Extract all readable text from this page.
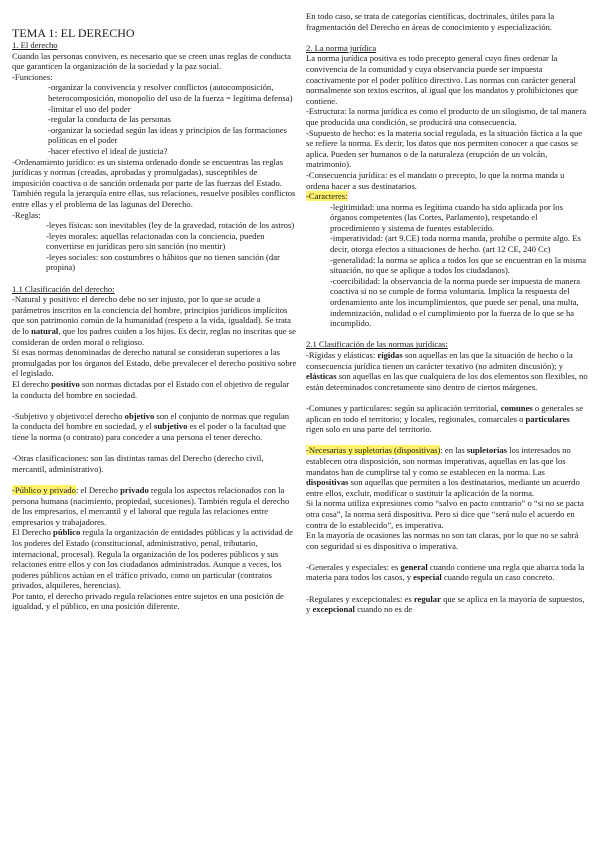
TEMA 1: EL DERECHO

1. El derecho

Cuando las personas conviven, es necesario que se creen unas reglas de conducta que garanticen la organización de la sociedad y la paz social.

-Funciones:

-organizar la convivencia y resolver conflictos (autocomposición, heterocomposición, monopolio del uso de la fuerza = legítima defensa)

-limitar el uso del poder

-regular la conducta de las personas

-organizar la sociedad según las ideas y principios de las formaciones políticas en el poder

-hacer efectivo el ideal de justicia?

-Ordenamiento jurídico: es un sistema ordenado donde se encuentras las reglas jurídicas y normas (creadas, aprobadas y promulgadas), susceptibles de imposición coactiva o de sanción ordenada por parte de las fuerzas del Estado. También regula la jerarquía entre ellas, sus relaciones, resuelve posibles conflictos entre ellas y el problema de las lagunas del Derecho.

-Reglas:

-leyes físicas: son inevitables (ley de la gravedad, rotación de los astros)

-leyes morales: aquellas relacionadas con la conciencia, pueden convertirse en jurídicas pero sin sanción (no mentir)

-leyes sociales: son costumbres o hábitos que no tienen sanción (dar propina)

1.1 Clasificación del derecho:

-Natural y positivo: el derecho debe no ser injusto, por lo que se acude a parámetros inscritos en la conciencia del hombre, principios jurídicos implícitos que son patrimonio común de la humanidad (respeto a la vida, igualdad). Se trata de lo natural, que los padres cuiden a los hijos. Es decir, reglas no inscritas que se consideran de orden moral o religioso.

Si esas normas denominadas de derecho natural se consideran superiores a las promulgadas por los órganos del Estado, debe prevalecer el derecho positivo sobre el legislado.

El derecho positivo son normas dictadas por el Estado con el objetivo de regular la conducta del hombre en sociedad.

-Subjetivo y objetivo:el derecho objetivo son el conjunto de normas que regulan la conducta del hombre en sociedad, y el subjetivo es el poder o la facultad que tiene la norma (o contrato) para conceder a una persona el tener derecho.

-Otras clasificaciones: son las distintas ramas del Derecho (derecho civil, mercantil, administrativo).

-Público y privado: el Derecho privado regula los aspectos relacionados con la persona humana (nacimiento, propiedad, sucesiones). También regula el derecho de los empresarios, el mercantil y el laboral que regula las relaciones entre empresarios y trabajadores.

El Derecho público regula la organización de entidades públicas y la actividad de los poderes del Estado (constitucional, administrativo, penal, tributario, internacional, procesal). Regula la organización de los poderes públicos y sus relaciones entre ellos y con los ciudadanos administrados. Aunque a veces, los poderes públicos actúan en el tráfico privado, como un particular (contratos privados, alquileres, herencias).

Por tanto, el derecho privado regula relaciones entre sujetos en una posición de igualdad, y el público, en una posición diferente.

En todo caso, se trata de categorías científicas, doctrinales, útiles para la fragmentación del Derecho en áreas de conocimiento y especialización.

2. La norma jurídica

La norma jurídica positiva es todo precepto general cuyo fines ordenar la convivencia de la comunidad y cuya observancia puede ser impuesta coactivamente por el poder político directivo. Las normas con carácter general normalmente son textos escritos, al igual que los mandatos y prohibiciones que contiene.

-Estructura: la norma jurídica es como el producto de un silogismo, de tal manera que producida una condición, se producirá una consecuencia.

-Supuesto de hecho: es la materia social regulada, es la situación fáctica a la que se refiere la norma. Es decir, los datos que nos permiten conocer a que casos se aplica. Pueden ser humanos o de la naturaleza (erupción de un volcán, matrimonio).

-Consecuencia jurídica: es el mandato o precepto, lo que la norma manda u ordena hacer a sus destinatarios.

-Caracteres:

-legitimidad: una norma es legítima cuando ha sido aplicada por los órganos competentes (las Cortes, Parlamento), respetando el procedimiento y sistema de fuentes establecido.

-imperatividad: (art 9.CE) toda norma manda, prohíbe o permite algo. Es decir, otorga efectos a situaciones de hecho. (art 12 CE, 240 Cc)

-generalidad: la norma se aplica a todos los que se encuentran en la misma situación, no que se aplique a todos los ciudadanos).

-coercibilidad: la observancia de la norma puede ser impuesta de manera coactiva si no se cumple de forma voluntaria. Implica la respuesta del ordenamiento ante los incumplimientos, que puede ser penal, una multa, indemnización, nulidad o el cumplimiento por la fuerza de lo que se ha incumplido.

2.1 Clasificación de las normas jurídicas:

-Rígidas y elásticas: rígidas son aquellas en las que la situación de hecho o la consecuencia jurídica tienen un carácter texativo (no admiten discusión); y elásticas son aquellas en las que cualquiera de los dos elementos son flexibles, no están determinados concretamente sino dentro de ciertos márgenes.

-Comunes y particulares: según su aplicación territorial, comunes o generales se aplican en todo el territorio; y locales, regionales, comarcales o particulares rigen solo en una parte del territorio.

-Necesarias y supletorias (dispositivas): en las supletorias los interesados no establecen otra disposición, son normas imperativas, aquellas en las que los mandatos han de cumplirse tal y como se establecen en la norma. Las dispositivas son aquellas que permiten a los destinatarios, mediante un acuerdo entre ellos, excluir, modificar o sustituir la aplicación de la norma.

Si la norma utiliza expresiones como “salvo en pacto contrario” o “si no se pacta otra cosa”, la norma será dispositiva. Pero si dice que “será nulo el acuerdo en contra de lo establecido”, es imperativa.

En la mayoría de ocasiones las normas no son tan claras, por lo que no se sabrá con seguridad si es dispositiva o imperativa.

-Generales y especiales: es general cuando contiene una regla que abarca toda la materia para todos los casos, y especial cuando regula un caso concreto.

-Regulares y excepcionales: es regular que se aplica en la mayoría de supuestos, y excepcional cuando no es de
